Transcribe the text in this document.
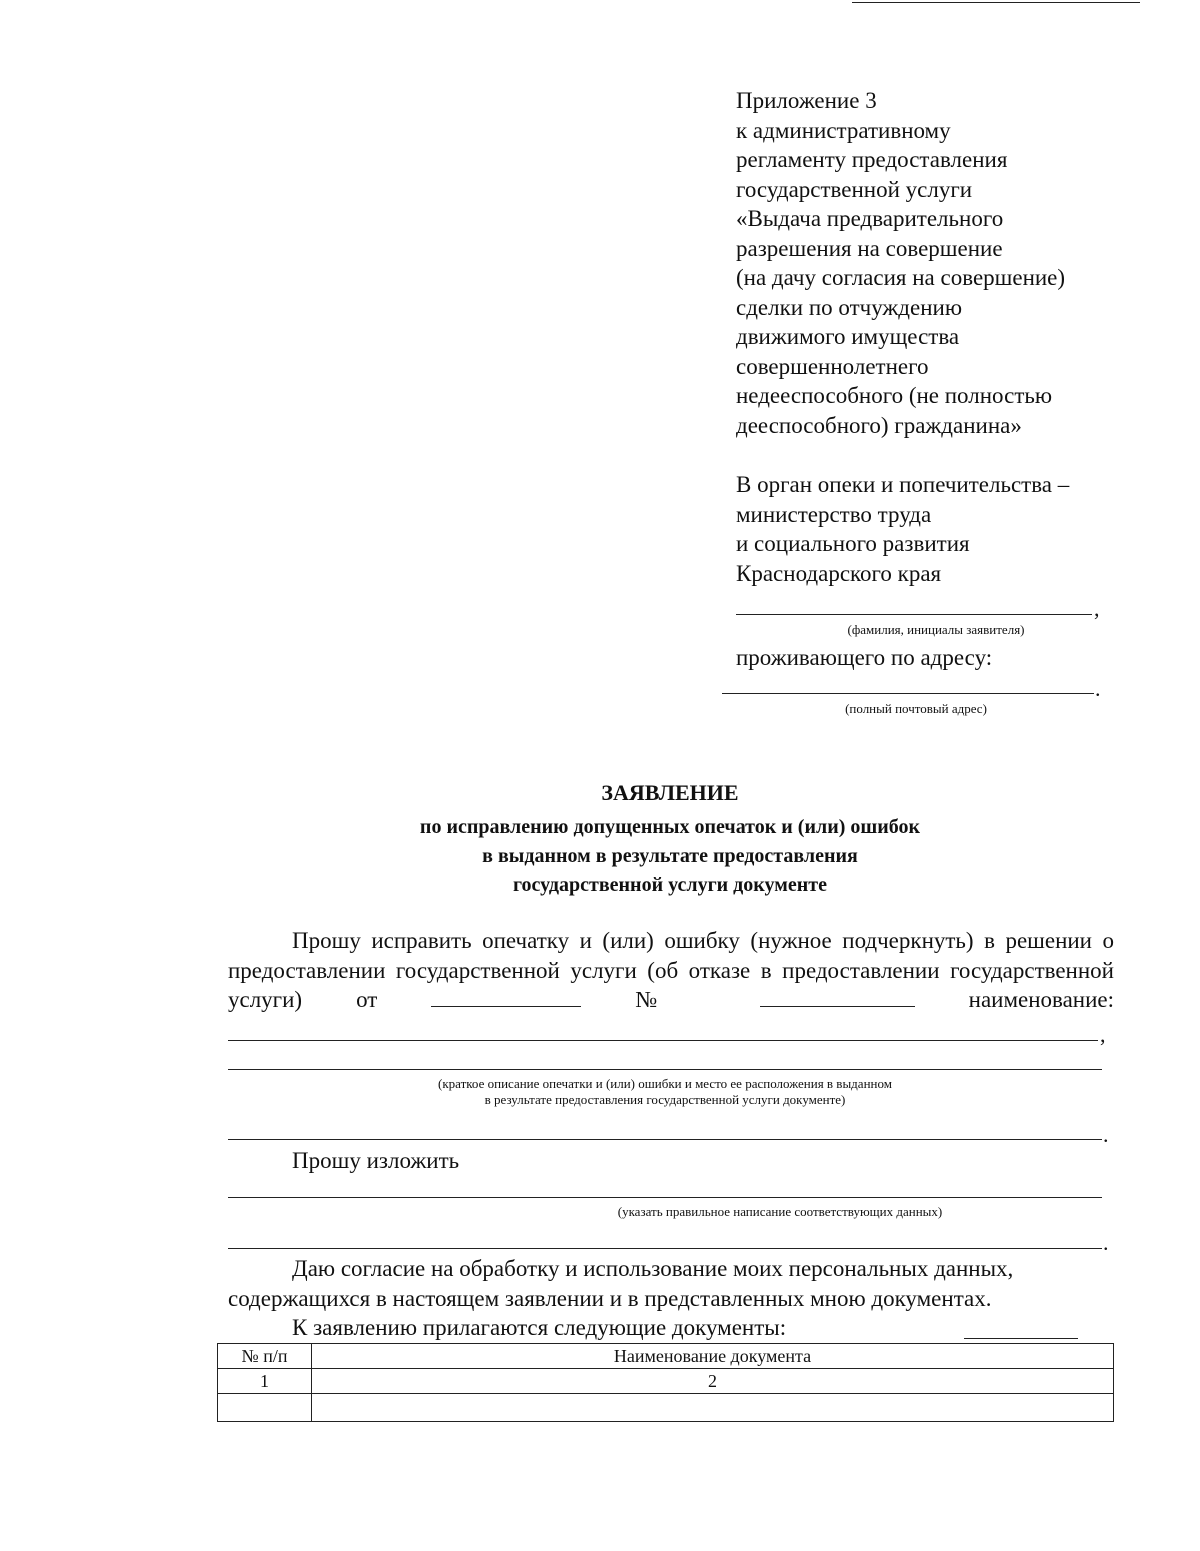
Приложение 3
к административному
регламенту предоставления
государственной услуги
«Выдача предварительного
разрешения на совершение
(на дачу согласия на совершение)
сделки по отчуждению
движимого имущества
совершеннолетнего
недееспособного (не полностью
дееспособного) гражданина»
В орган опеки и попечительства –
министерство труда
и социального развития
Краснодарского края
,
(фамилия, инициалы заявителя)
проживающего по адресу:
.
(полный почтовый адрес)
ЗАЯВЛЕНИЕ
по исправлению допущенных опечаток и (или) ошибок
в выданном в результате предоставления
государственной услуги документе

Прошу исправить опечатку и (или) ошибку (нужное подчеркнуть) в решении о предоставлении государственной услуги (об отказе в предоставлении государственной услуги) от	№	наименование:

,
(краткое описание опечатки и (или) ошибки и место ее расположения в выданном
в результате предоставления государственной услуги документе)
.
Прошу изложить
(указать правильное написание соответствующих данных)
.

Даю согласие на обработку и использование моих персональных данных, содержащихся в настоящем заявлении и в представленных мною документах.

К заявлению прилагаются следующие документы:
№ п/п	Наименование документа
1	2
